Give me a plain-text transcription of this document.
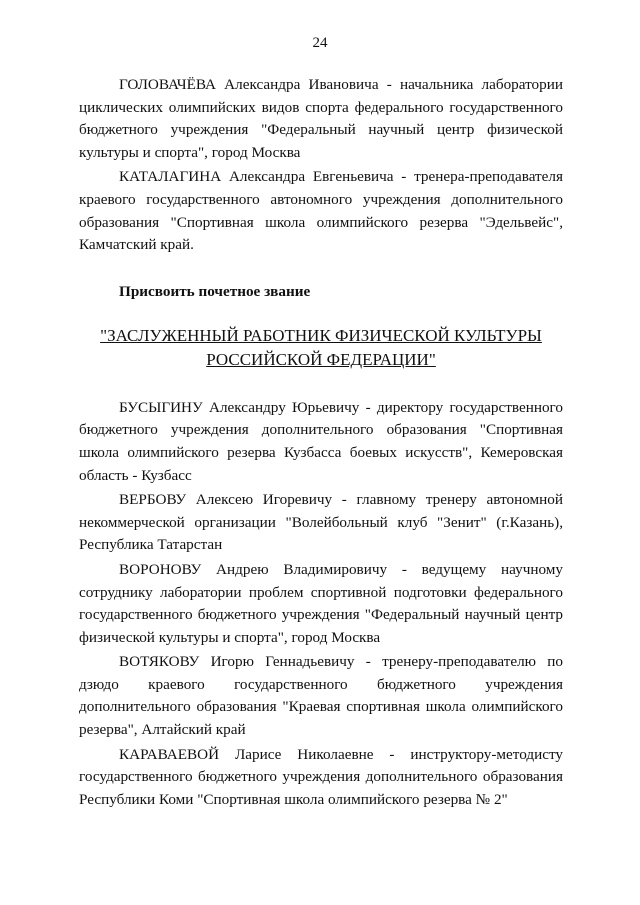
24

ГОЛОВАЧЁВА Александра Ивановича - начальника лаборатории циклических олимпийских видов спорта федерального государственного бюджетного учреждения "Федеральный научный центр физической культуры и спорта", город Москва

КАТАЛАГИНА Александра Евгеньевича - тренера-преподавателя краевого государственного автономного учреждения дополнительного образования "Спортивная школа олимпийского резерва "Эдельвейс", Камчатский край.

Присвоить почетное звание
"ЗАСЛУЖЕННЫЙ РАБОТНИК ФИЗИЧЕСКОЙ КУЛЬТУРЫ
РОССИЙСКОЙ ФЕДЕРАЦИИ"

БУСЫГИНУ Александру Юрьевичу - директору государственного бюджетного учреждения дополнительного образования "Спортивная школа олимпийского резерва Кузбасса боевых искусств", Кемеровская область - Кузбасс

ВЕРБОВУ Алексею Игоревичу - главному тренеру автономной некоммерческой организации "Волейбольный клуб "Зенит" (г.Казань), Республика Татарстан

ВОРОНОВУ Андрею Владимировичу - ведущему научному сотруднику лаборатории проблем спортивной подготовки федерального государственного бюджетного учреждения "Федеральный научный центр физической культуры и спорта", город Москва

ВОТЯКОВУ Игорю Геннадьевичу - тренеру-преподавателю по дзюдо краевого государственного бюджетного учреждения дополнительного образования "Краевая спортивная школа олимпийского резерва", Алтайский край

КАРАВАЕВОЙ Ларисе Николаевне - инструктору-методисту государственного бюджетного учреждения дополнительного образования Республики Коми "Спортивная школа олимпийского резерва № 2"
